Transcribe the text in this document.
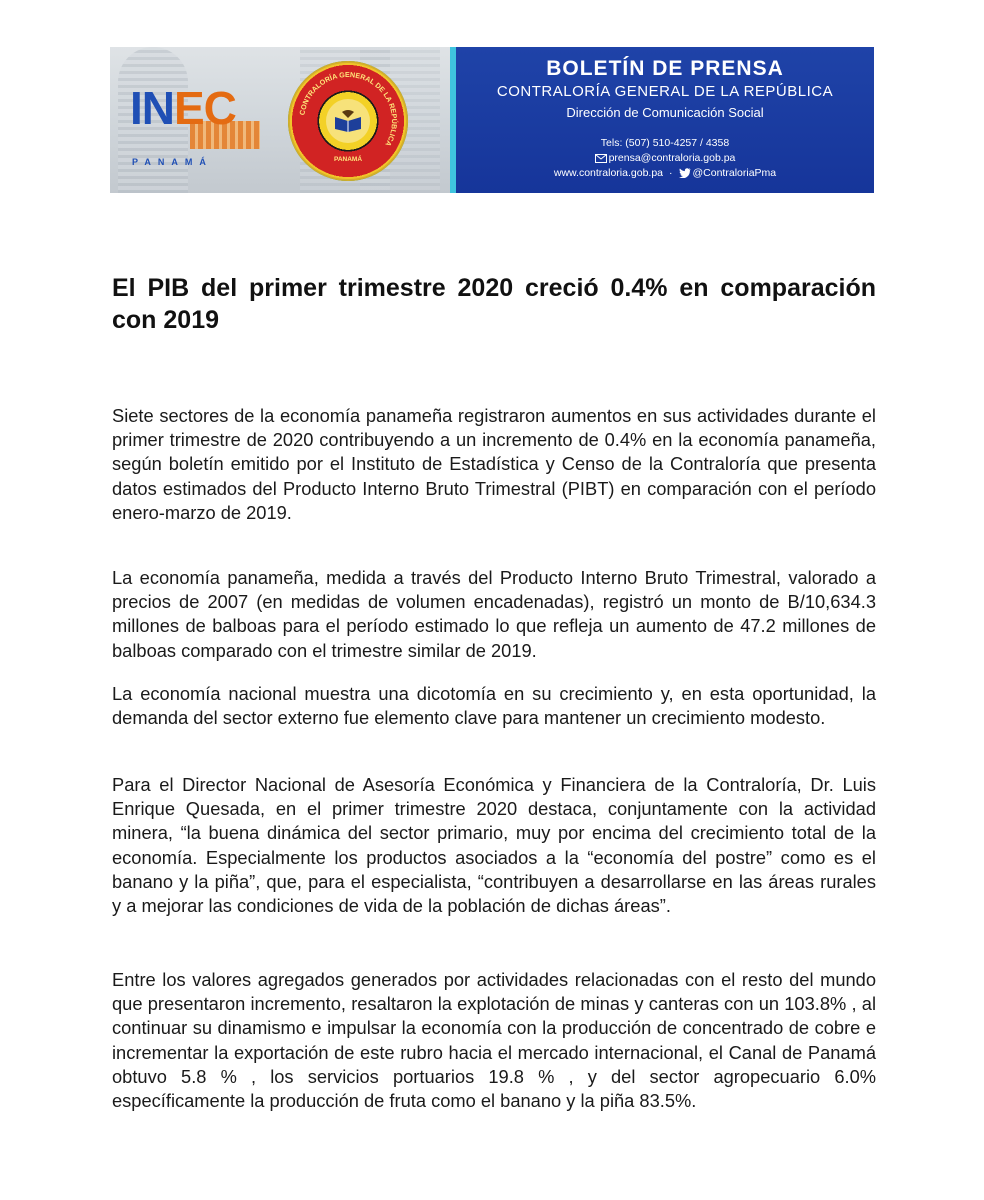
INEC
PANAMÁ
CONTRALORÍA GENERAL DE LA REPÚBLICA
PANAMÁ
BOLETÍN DE PRENSA
CONTRALORÍA GENERAL DE LA REPÚBLICA
Dirección de Comunicación Social
Tels: (507) 510-4257 / 4358
prensa@contraloria.gob.pa
www.contraloria.gob.pa · @ContraloriaPma
El PIB del primer trimestre 2020 creció 0.4% en comparación con 2019

Siete sectores de la economía panameña registraron aumentos en sus actividades durante el primer trimestre de 2020 contribuyendo a un incremento de 0.4% en la economía panameña, según boletín emitido por el Instituto de Estadística y Censo de la Contraloría que presenta datos estimados del Producto Interno Bruto Trimestral (PIBT) en comparación con el período enero-marzo de 2019.

La economía panameña, medida a través del Producto Interno Bruto Trimestral, valorado a precios de 2007 (en medidas de volumen encadenadas), registró un monto de B/10,634.3 millones de balboas para el período estimado lo que refleja un aumento de 47.2 millones de balboas comparado con el trimestre similar de 2019.

La economía nacional muestra una dicotomía en su crecimiento y, en esta oportunidad, la demanda del sector externo fue elemento clave para mantener un crecimiento modesto.

Para el Director Nacional de Asesoría Económica y Financiera de la Contraloría, Dr. Luis Enrique Quesada, en el primer trimestre 2020 destaca, conjuntamente con la actividad minera, “la buena dinámica del sector primario, muy por encima del crecimiento total de la economía. Especialmente los productos asociados a la “economía del postre” como es el banano y la piña”, que, para el especialista, “contribuyen a desarrollarse en las áreas rurales y a mejorar las condiciones de vida de la población de dichas áreas”.

Entre los valores agregados generados por actividades relacionadas con el resto del mundo que presentaron incremento, resaltaron la explotación de minas y canteras con un 103.8% , al continuar su dinamismo e impulsar la economía con la producción de concentrado de cobre e incrementar la exportación de este rubro hacia el mercado internacional, el Canal de Panamá obtuvo 5.8 % , los servicios portuarios 19.8 % , y del sector agropecuario 6.0% específicamente la producción de fruta como el banano y la piña 83.5%.
